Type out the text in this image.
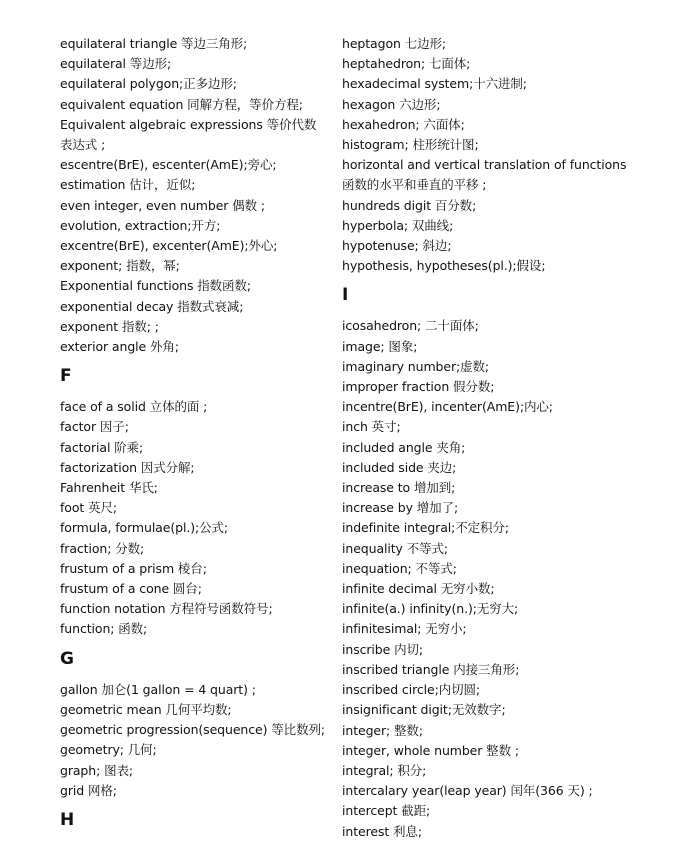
equilateral triangle 等边三角形;
equilateral 等边形;
equilateral polygon;正多边形;
equivalent equation 同解方程，等价方程;
Equivalent algebraic expressions 等价代数表达式 ;
escentre(BrE), escenter(AmE);旁心;
estimation 估计，近似;
even integer, even number 偶数 ;
evolution, extraction;开方;
excentre(BrE), excenter(AmE);外心;
exponent; 指数，幂;
Exponential functions 指数函数;
exponential decay 指数式衰减;
exponent 指数; ;
exterior angle 外角;
F
face of a solid 立体的面 ;
factor 因子;
factorial 阶乘;
factorization 因式分解;
Fahrenheit 华氏;
foot 英尺;
formula, formulae(pl.);公式;
fraction; 分数;
frustum of a prism 棱台;
frustum of a cone 圆台;
function notation 方程符号函数符号;
function; 函数;
G
gallon 加仑(1 gallon = 4 quart) ;
geometric mean 几何平均数;
geometric progression(sequence) 等比数列;
geometry; 几何;
graph; 图表;
grid 网格;
H
heptagon 七边形;
heptahedron; 七面体;
hexadecimal system;十六进制;
hexagon 六边形;
hexahedron; 六面体;
histogram; 柱形统计图;
horizontal and vertical translation of functions
函数的水平和垂直的平移 ;
hundreds digit 百分数;
hyperbola; 双曲线;
hypotenuse; 斜边;
hypothesis, hypotheses(pl.);假设;
I
icosahedron; 二十面体;
image; 图象;
imaginary number;虚数;
improper fraction 假分数;
incentre(BrE), incenter(AmE);内心;
inch 英寸;
included angle 夹角;
included side 夹边;
increase to 增加到;
increase by 增加了;
indefinite integral;不定积分;
inequality 不等式;
inequation; 不等式;
infinite decimal 无穷小数;
infinite(a.) infinity(n.);无穷大;
infinitesimal; 无穷小;
inscribe 内切;
inscribed triangle 内接三角形;
inscribed circle;内切圆;
insignificant digit;无效数字;
integer; 整数;
integer, whole number 整数 ;
integral; 积分;
intercalary year(leap year) 闰年(366 天) ;
intercept 截距;
interest 利息;
